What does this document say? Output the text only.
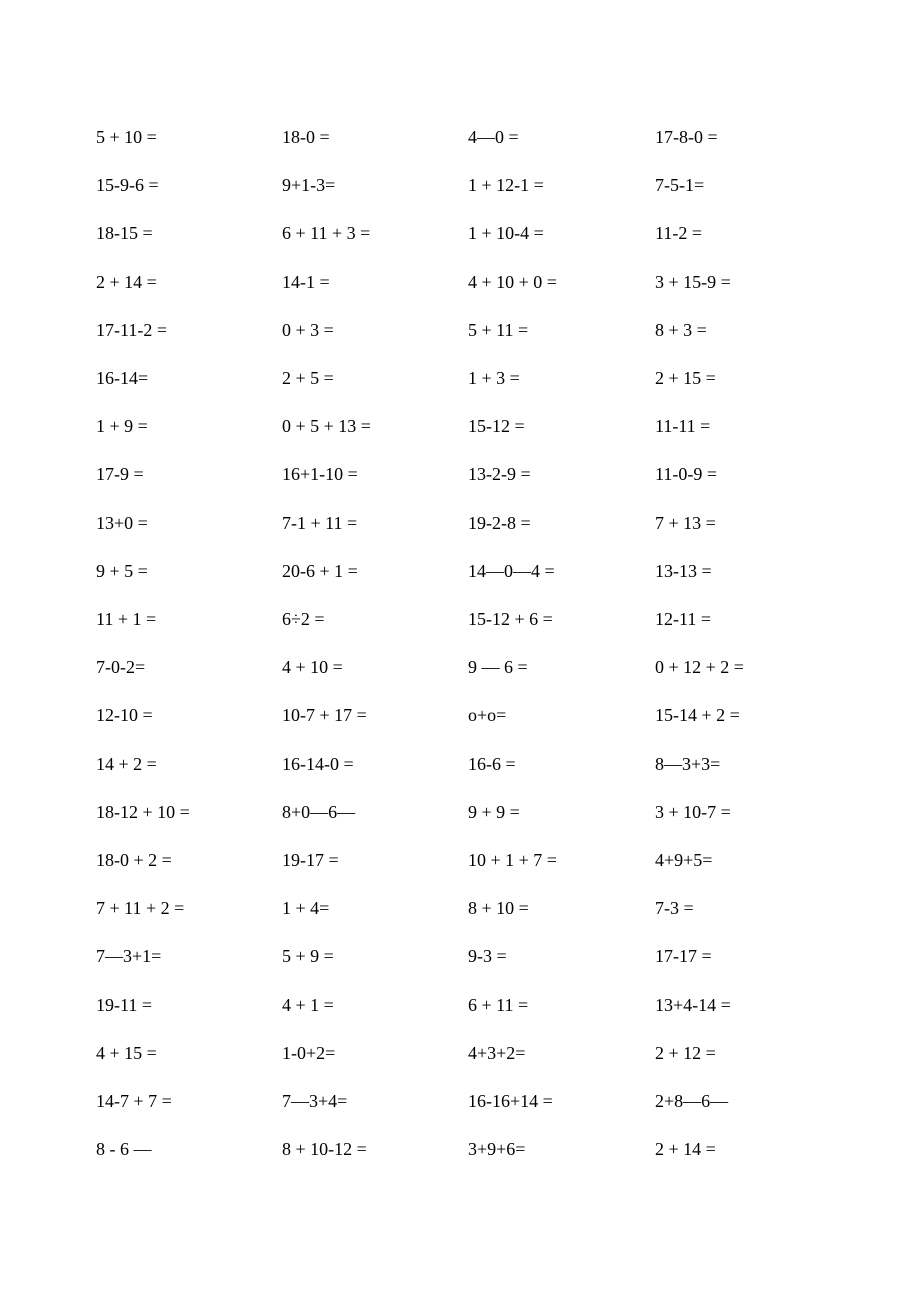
5 + 10 =	18-0 =	4—0 =	17-8-0 =
15-9-6 =	9+1-3=	1 + 12-1 =	7-5-1=
18-15 =	6 + 11 + 3 =	1 + 10-4 =	11-2 =
2 + 14 =	14-1 =	4 + 10 + 0 =	3 + 15-9 =
17-11-2 =	0 + 3 =	5 + 11 =	8 + 3 =
16-14=	2 + 5 =	1 + 3 =	2 + 15 =
1 + 9 =	0 + 5 + 13 =	15-12 =	11-11 =
17-9 =	16+1-10 =	13-2-9 =	11-0-9 =
13+0 =	7-1 + 11 =	19-2-8 =	7 + 13 =
9 + 5 =	20-6 + 1 =	14—0—4 =	13-13 =
11 + 1 =	6÷2 =	15-12 + 6 =	12-11 =
7-0-2=	4 + 10 =	9 — 6 =	0 + 12 + 2 =
12-10 =	10-7 + 17 =	o+o=	15-14 + 2 =
14 + 2 =	16-14-0 =	16-6 =	8—3+3=
18-12 + 10 =	8+0—6—	9 + 9 =	3 + 10-7 =
18-0 + 2 =	19-17 =	10 + 1 + 7 =	4+9+5=
7 + 11 + 2 =	1 + 4=	8 + 10 =	7-3 =
7—3+1=	5 + 9 =	9-3 =	17-17 =
19-11 =	4 + 1 =	6 + 11 =	13+4-14 =
4 + 15 =	1-0+2=	4+3+2=	2 + 12 =
14-7 + 7 =	7—3+4=	16-16+14 =	2+8—6—
8 - 6 —	8 + 10-12 =	3+9+6=	2 + 14 =
